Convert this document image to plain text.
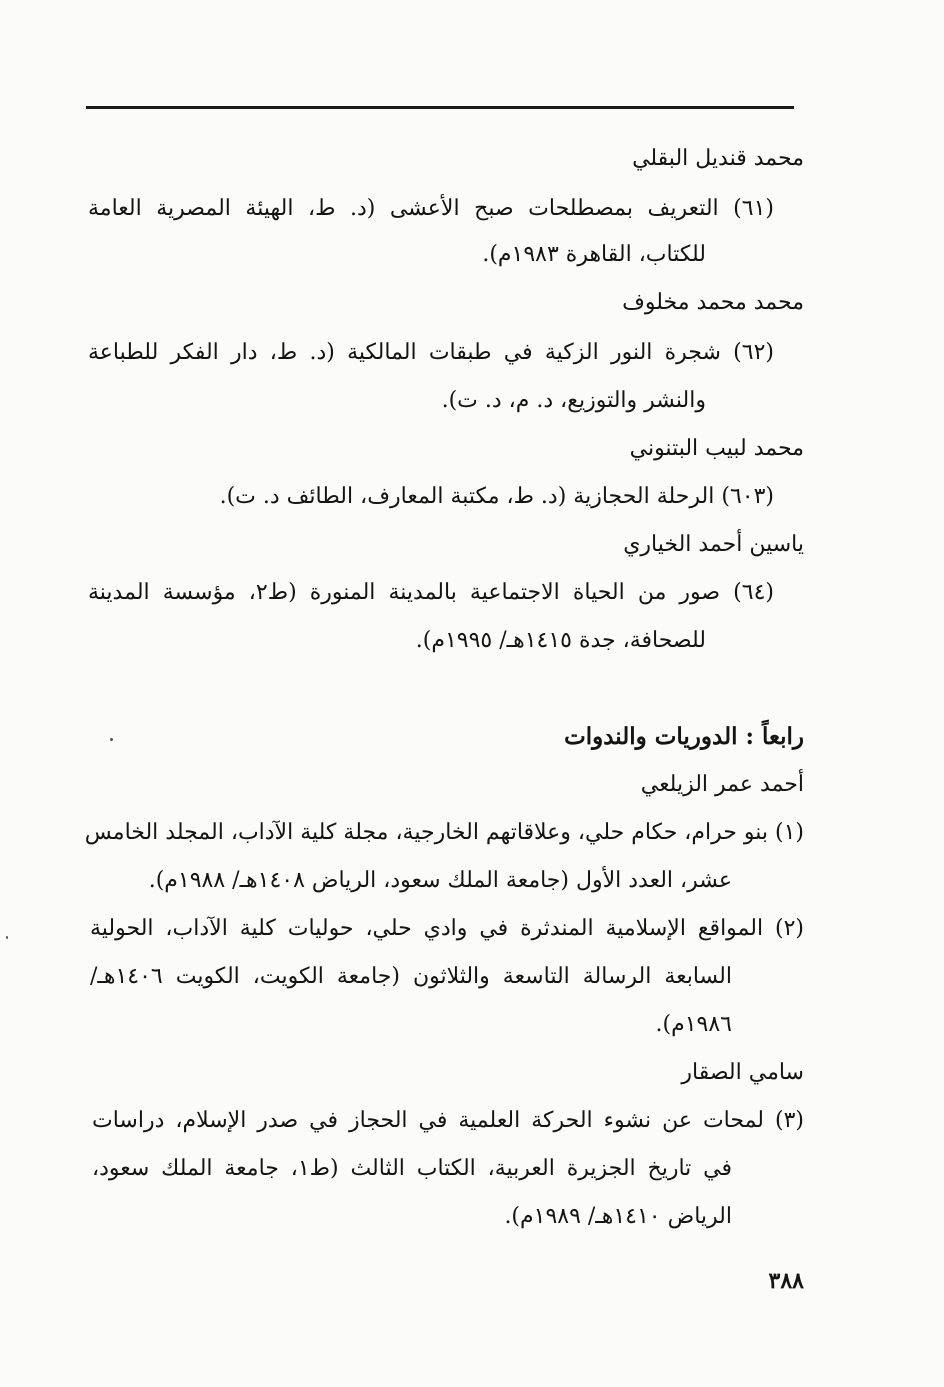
محمد قنديل البقلي
(٦١) التعريف بمصطلحات صبح الأعشى (د. ط، الهيئة المصرية العامة
للكتاب، القاهرة ١٩٨٣م).
محمد محمد مخلوف
(٦٢) شجرة النور الزكية في طبقات المالكية (د. ط، دار الفكر للطباعة
والنشر والتوزيع، د. م، د. ت).
محمد لبيب البتنوني
(٦٠٣) الرحلة الحجازية (د. ط، مكتبة المعارف، الطائف د. ت).
ياسين أحمد الخياري
(٦٤) صور من الحياة الاجتماعية بالمدينة المنورة (ط٢، مؤسسة المدينة
للصحافة، جدة ١٤١٥هـ/ ١٩٩٥م).
رابعاً : الدوريات والندوات
أحمد عمر الزيلعي
(١) بنو حرام، حكام حلي، وعلاقاتهم الخارجية، مجلة كلية الآداب، المجلد الخامس
عشر، العدد الأول (جامعة الملك سعود، الرياض ١٤٠٨هـ/ ١٩٨٨م).
(٢) المواقع الإسلامية المندثرة في وادي حلي، حوليات كلية الآداب، الحولية
السابعة الرسالة التاسعة والثلاثون (جامعة الكويت، الكويت ١٤٠٦هـ/
١٩٨٦م).
سامي الصقار
(٣) لمحات عن نشوء الحركة العلمية في الحجاز في صدر الإسلام، دراسات
في تاريخ الجزيرة العربية، الكتاب الثالث (ط١، جامعة الملك سعود،
الرياض ١٤١٠هـ/ ١٩٨٩م).
٣٨٨
